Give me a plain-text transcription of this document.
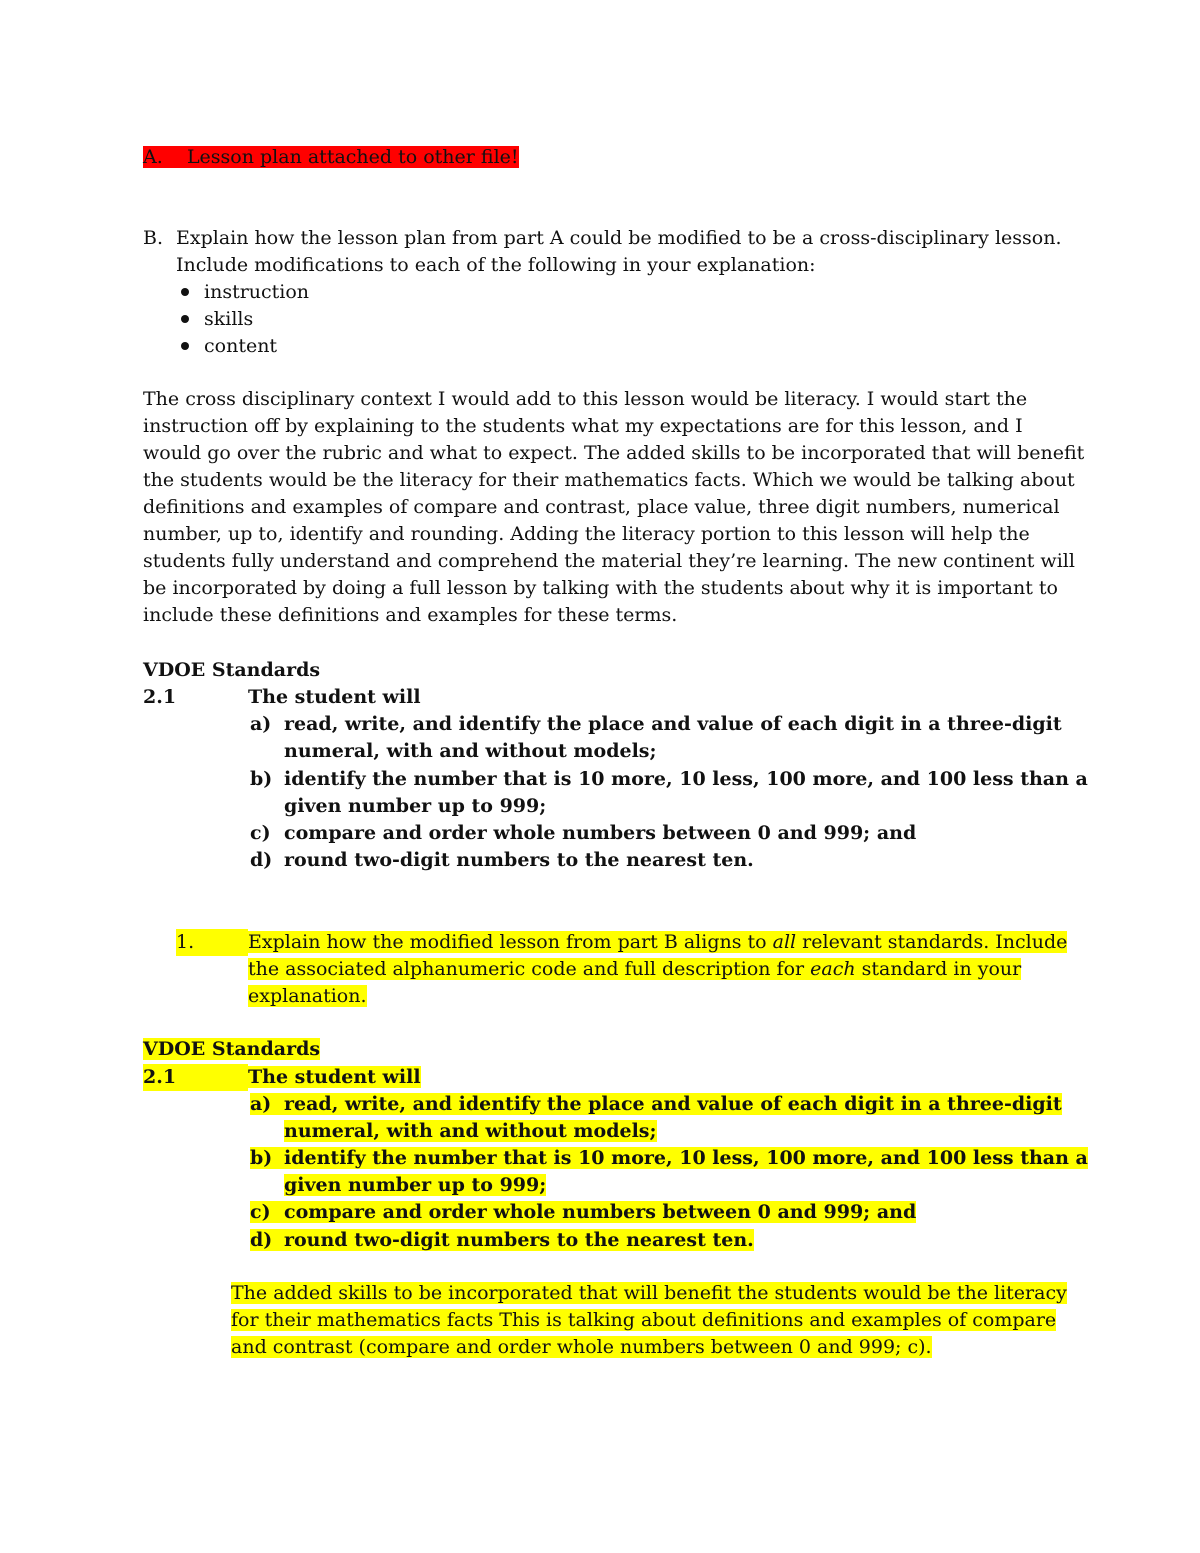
A. Lesson plan attached to other file!
B. Explain how the lesson plan from part A could be modified to be a cross-disciplinary lesson.
Include modifications to each of the following in your explanation:
instruction
skills
content
The cross disciplinary context I would add to this lesson would be literacy. I would start the
instruction off by explaining to the students what my expectations are for this lesson, and I
would go over the rubric and what to expect. The added skills to be incorporated that will benefit
the students would be the literacy for their mathematics facts. Which we would be talking about
definitions and examples of compare and contrast, place value, three digit numbers, numerical
number, up to, identify and rounding. Adding the literacy portion to this lesson will help the
students fully understand and comprehend the material they’re learning. The new continent will
be incorporated by doing a full lesson by talking with the students about why it is important to
include these definitions and examples for these terms.
VDOE Standards
2.1	The student will
a) read, write, and identify the place and value of each digit in a three-digit
numeral, with and without models;
b) identify the number that is 10 more, 10 less, 100 more, and 100 less than a
given number up to 999;
c) compare and order whole numbers between 0 and 999; and
d) round two-digit numbers to the nearest ten.
1.	Explain how the modified lesson from part B aligns to all relevant standards. Include
the associated alphanumeric code and full description for each standard in your
explanation.
VDOE Standards
2.1	The student will
a) read, write, and identify the place and value of each digit in a three-digit
numeral, with and without models;
b) identify the number that is 10 more, 10 less, 100 more, and 100 less than a
given number up to 999;
c) compare and order whole numbers between 0 and 999; and
d) round two-digit numbers to the nearest ten.
The added skills to be incorporated that will benefit the students would be the literacy
for their mathematics facts This is talking about definitions and examples of compare
and contrast (compare and order whole numbers between 0 and 999; c).
